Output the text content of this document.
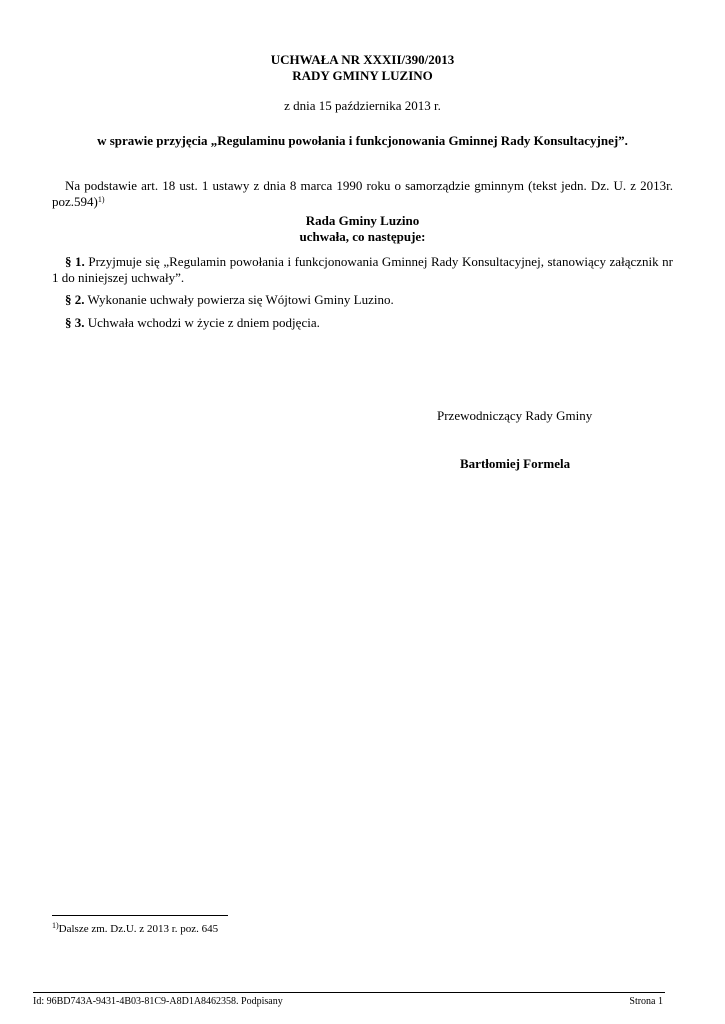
UCHWAŁA NR XXXII/390/2013
RADY GMINY LUZINO
z dnia 15 października 2013 r.
w sprawie przyjęcia „Regulaminu powołania i funkcjonowania Gminnej Rady Konsultacyjnej”.
Na podstawie art. 18 ust. 1 ustawy z dnia 8 marca 1990 roku o samorządzie gminnym (tekst jedn. Dz. U. z 2013r. poz.594)$^{1)}$
Rada Gminy Luzino
uchwała, co następuje:
§ 1. Przyjmuje się „Regulamin powołania i funkcjonowania Gminnej Rady Konsultacyjnej, stanowiący załącznik nr 1 do niniejszej uchwały”.
§ 2. Wykonanie uchwały powierza się Wójtowi Gminy Luzino.
§ 3. Uchwała wchodzi w życie z dniem podjęcia.
Przewodniczący Rady Gminy
Bartłomiej Formela
$^{1)}$Dalsze zm. Dz.U. z 2013 r. poz. 645
Id: 96BD743A-9431-4B03-81C9-A8D1A8462358. Podpisany	Strona 1
